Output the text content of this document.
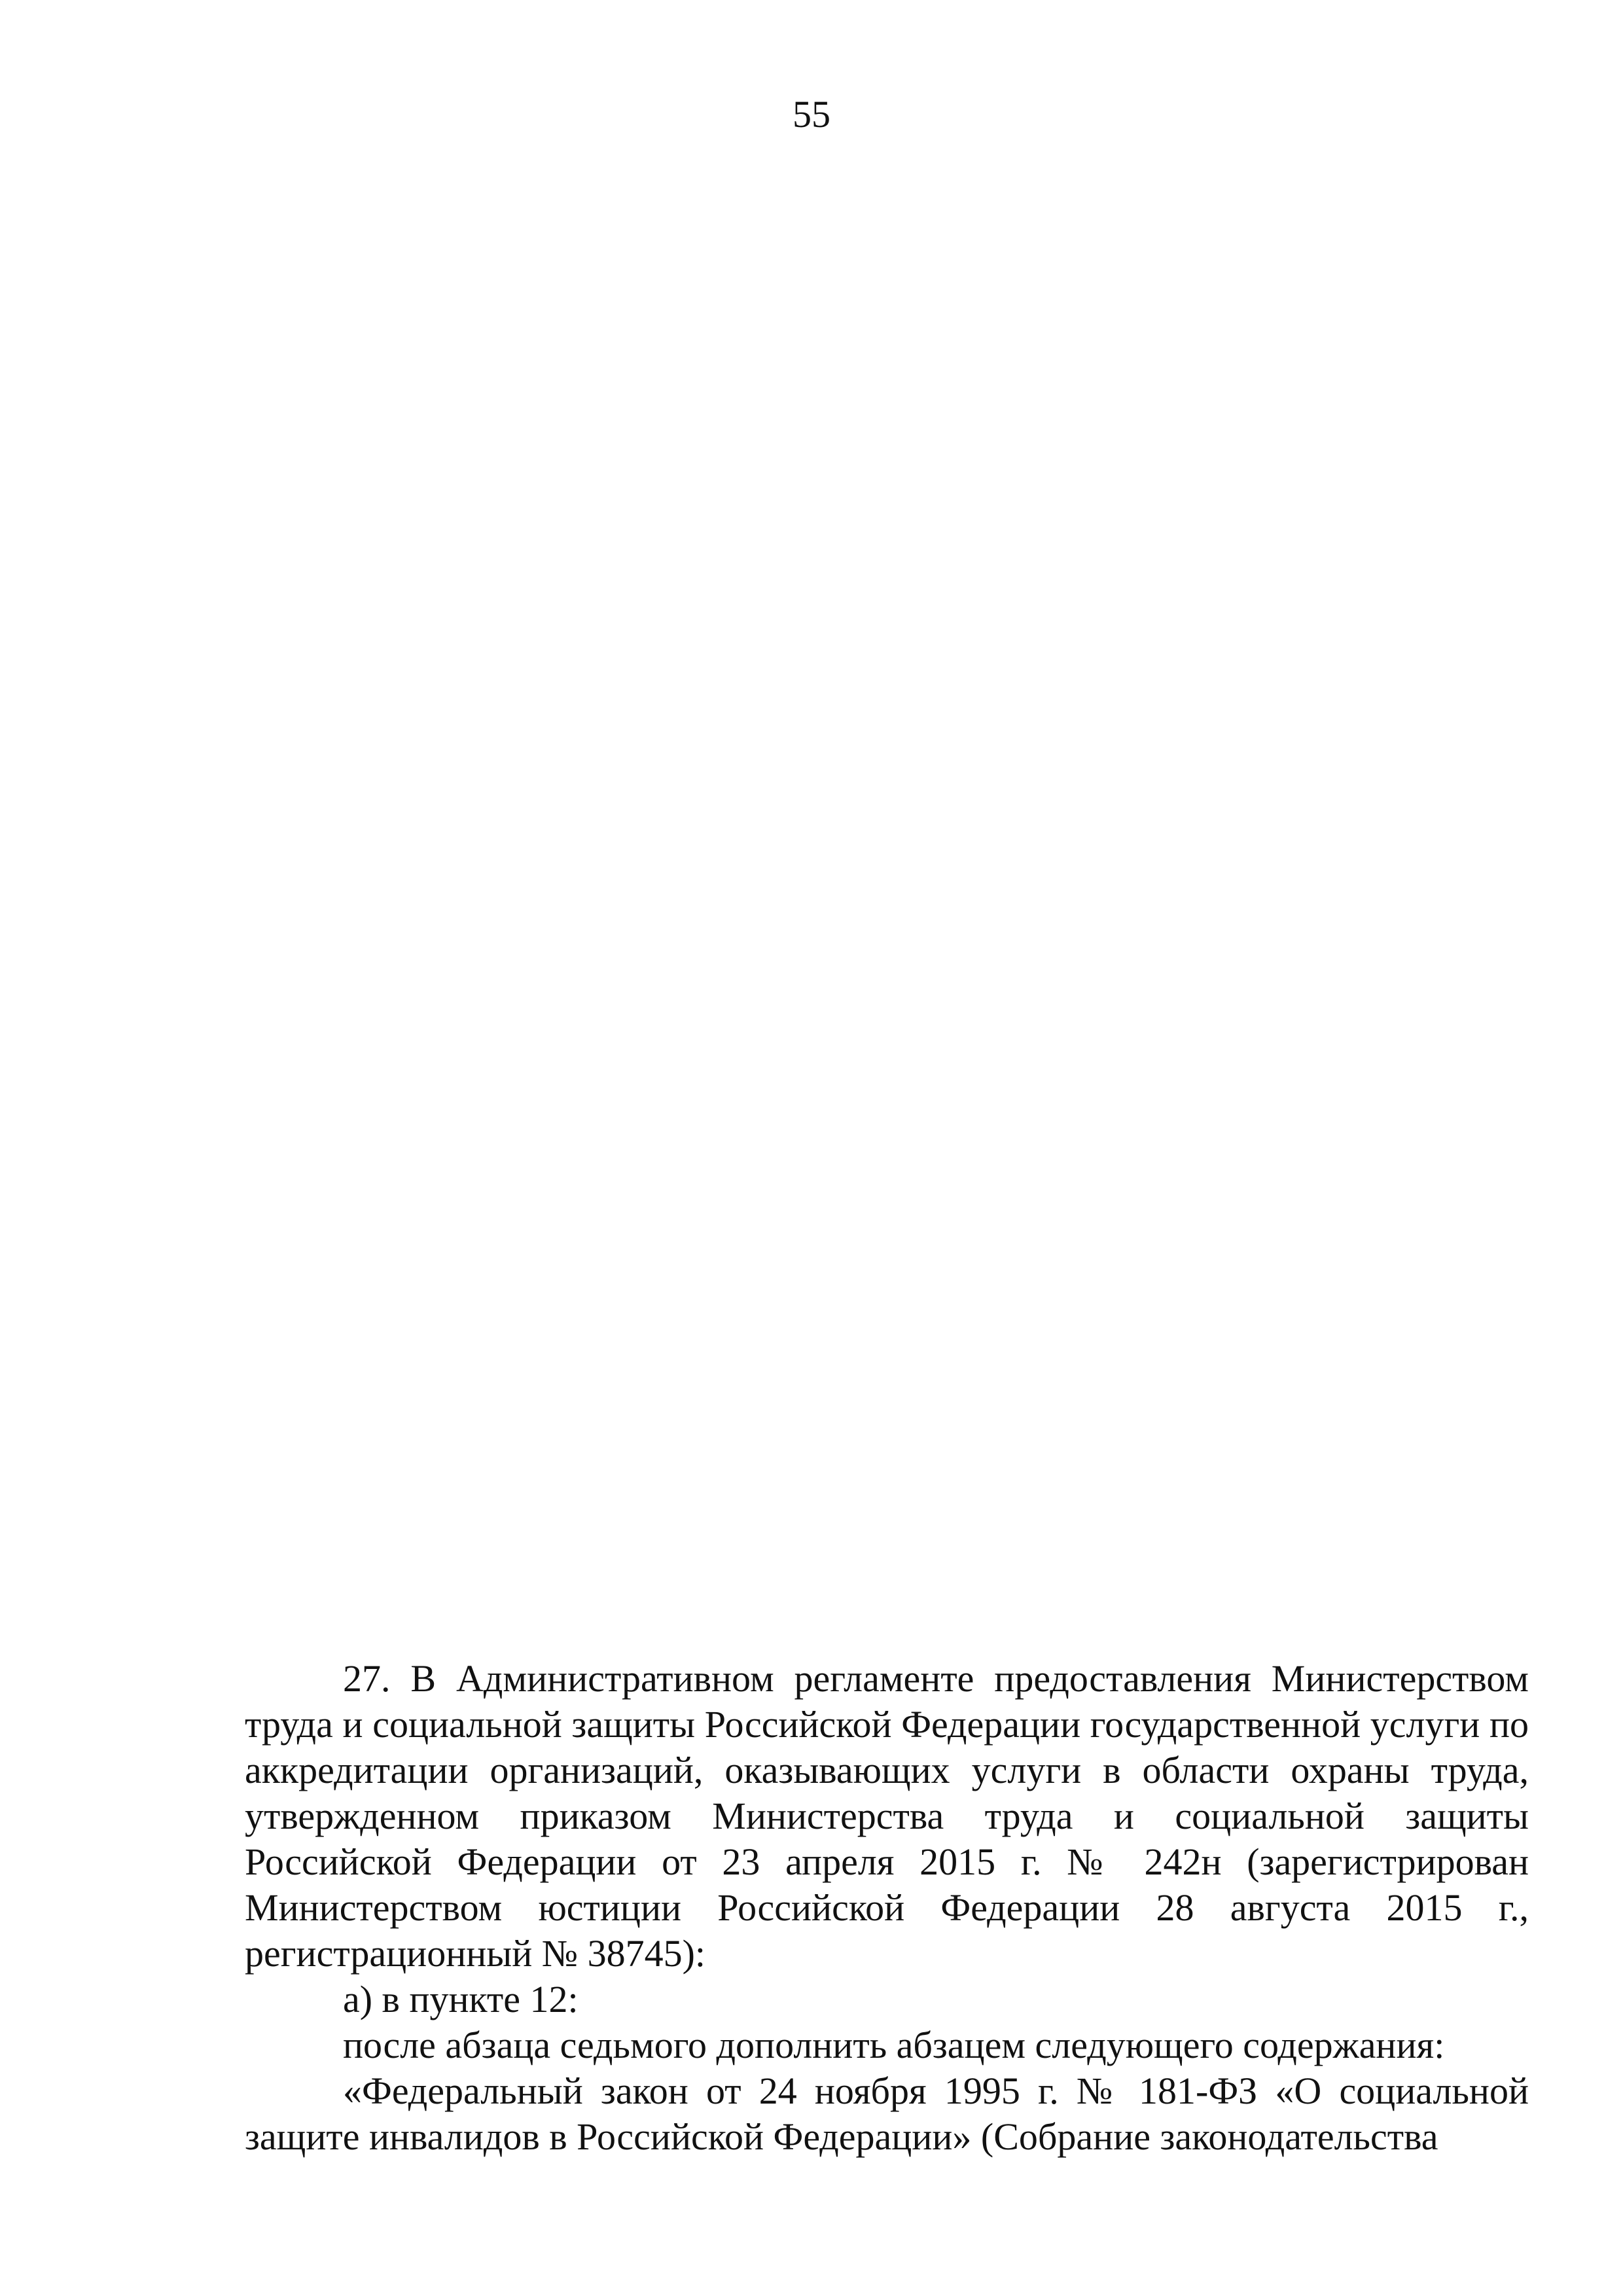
55

27. В Административном регламенте предоставления Министерством труда и социальной защиты Российской Федерации государственной услуги по аккредитации организаций, оказывающих услуги в области охраны труда, утвержденном приказом Министерства труда и социальной защиты Российской Федерации от 23 апреля 2015 г. № 242н (зарегистрирован Министерством юстиции Российской Федерации 28 августа 2015 г., регистрационный № 38745):

а) в пункте 12:

после абзаца седьмого дополнить абзацем следующего содержания:

«Федеральный закон от 24 ноября 1995 г. № 181-ФЗ «О социальной защите инвалидов в Российской Федерации» (Собрание законодательства
